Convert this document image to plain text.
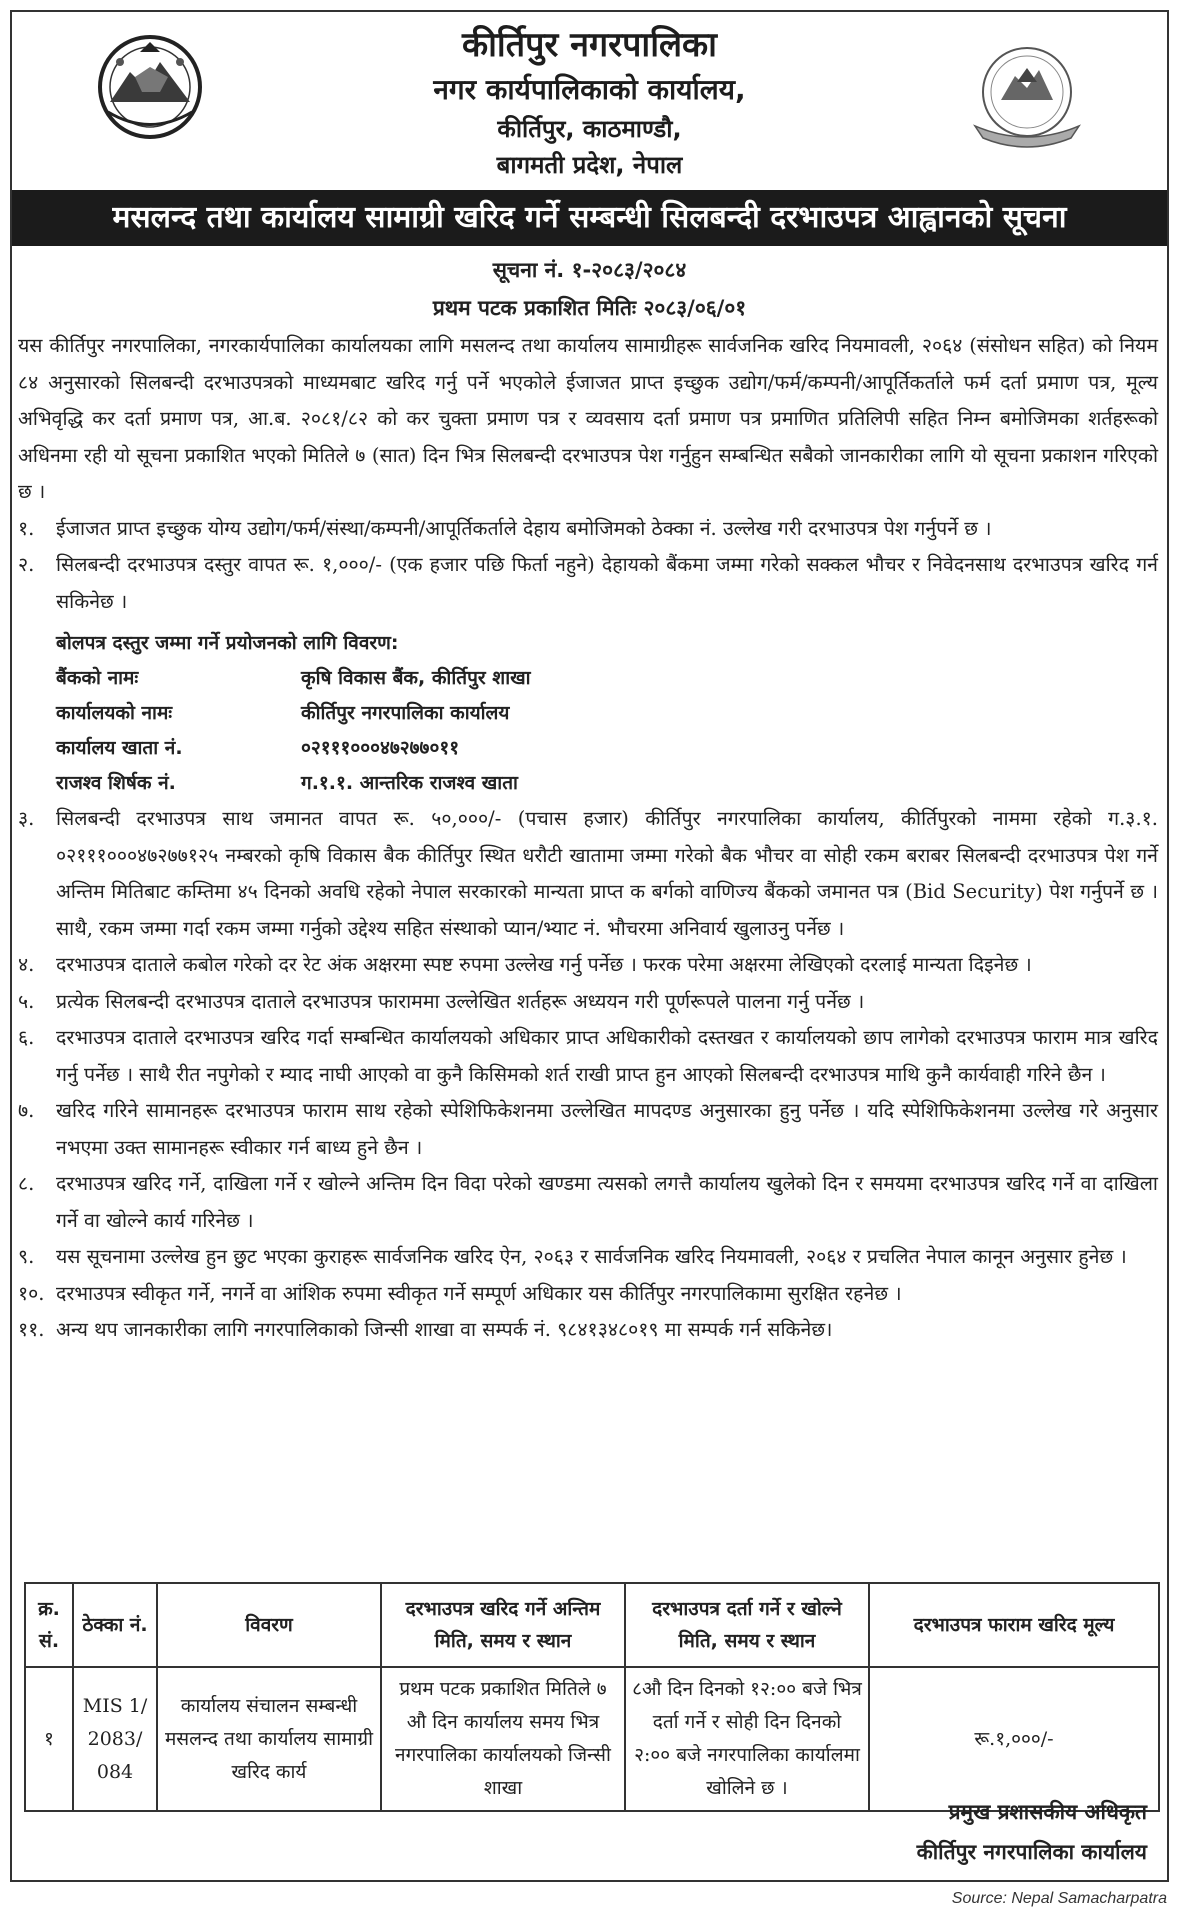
कीर्तिपुर नगरपालिका
नगर कार्यपालिकाको कार्यालय,
कीर्तिपुर, काठमाण्डौ,
बागमती प्रदेश, नेपाल
मसलन्द तथा कार्यालय सामाग्री खरिद गर्ने सम्बन्धी सिलबन्दी दरभाउपत्र आह्वानको सूचना
सूचना नं. १-२०८३/२०८४
प्रथम पटक प्रकाशित मितिः २०८३/०६/०१

यस कीर्तिपुर नगरपालिका, नगरकार्यपालिका कार्यालयका लागि मसलन्द तथा कार्यालय सामाग्रीहरू सार्वजनिक खरिद नियमावली, २०६४ (संसोधन सहित) को नियम ८४ अनुसारको सिलबन्दी दरभाउपत्रको माध्यमबाट खरिद गर्नु पर्ने भएकोले ईजाजत प्राप्त इच्छुक उद्योग/फर्म/कम्पनी/आपूर्तिकर्ताले फर्म दर्ता प्रमाण पत्र, मूल्य अभिवृद्धि कर दर्ता प्रमाण पत्र, आ.ब. २०८१/८२ को कर चुक्ता प्रमाण पत्र र व्यवसाय दर्ता प्रमाण पत्र प्रमाणित प्रतिलिपी सहित निम्न बमोजिमका शर्तहरूको अधिनमा रही यो सूचना प्रकाशित भएको मितिले ७ (सात) दिन भित्र सिलबन्दी दरभाउपत्र पेश गर्नुहुन सम्बन्धित सबैको जानकारीका लागि यो सूचना प्रकाशन गरिएको छ ।

१. ईजाजत प्राप्त इच्छुक योग्य उद्योग/फर्म/संस्था/कम्पनी/आपूर्तिकर्ताले देहाय बमोजिमको ठेक्का नं. उल्लेख गरी दरभाउपत्र पेश गर्नुपर्ने छ ।

२. सिलबन्दी दरभाउपत्र दस्तुर वापत रू. १,०००/- (एक हजार पछि फिर्ता नहुने) देहायको बैंकमा जम्मा गरेको सक्कल भौचर र निवेदनसाथ दरभाउपत्र खरिद गर्न सकिनेछ ।

बोलपत्र दस्तुर जम्मा गर्ने प्रयोजनको लागि विवरण:
बैंकको नामः	कृषि विकास बैंक, कीर्तिपुर शाखा
कार्यालयको नामः	कीर्तिपुर नगरपालिका कार्यालय
कार्यालय खाता नं.	०२१११०००४७२७७०११
राजश्व शिर्षक नं.	ग.१.१. आन्तरिक राजश्व खाता

३. सिलबन्दी दरभाउपत्र साथ जमानत वापत रू. ५०,०००/- (पचास हजार) कीर्तिपुर नगरपालिका कार्यालय, कीर्तिपुरको नाममा रहेको ग.३.१. ०२१११०००४७२७७१२५ नम्बरको कृषि विकास बैक कीर्तिपुर स्थित धरौटी खातामा जम्मा गरेको बैक भौचर वा सोही रकम बराबर सिलबन्दी दरभाउपत्र पेश गर्ने अन्तिम मितिबाट कम्तिमा ४५ दिनको अवधि रहेको नेपाल सरकारको मान्यता प्राप्त क बर्गको वाणिज्य बैंकको जमानत पत्र (Bid Security) पेश गर्नुपर्ने छ । साथै, रकम जम्मा गर्दा रकम जम्मा गर्नुको उद्देश्य सहित संस्थाको प्यान/भ्याट नं. भौचरमा अनिवार्य खुलाउनु पर्नेछ ।

४. दरभाउपत्र दाताले कबोल गरेको दर रेट अंक अक्षरमा स्पष्ट रुपमा उल्लेख गर्नु पर्नेछ । फरक परेमा अक्षरमा लेखिएको दरलाई मान्यता दिइनेछ ।

५. प्रत्येक सिलबन्दी दरभाउपत्र दाताले दरभाउपत्र फाराममा उल्लेखित शर्तहरू अध्ययन गरी पूर्णरूपले पालना गर्नु पर्नेछ ।

६. दरभाउपत्र दाताले दरभाउपत्र खरिद गर्दा सम्बन्धित कार्यालयको अधिकार प्राप्त अधिकारीको दस्तखत र कार्यालयको छाप लागेको दरभाउपत्र फाराम मात्र खरिद गर्नु पर्नेछ । साथै रीत नपुगेको र म्याद नाघी आएको वा कुनै किसिमको शर्त राखी प्राप्त हुन आएको सिलबन्दी दरभाउपत्र माथि कुनै कार्यवाही गरिने छैन ।

७. खरिद गरिने सामानहरू दरभाउपत्र फाराम साथ रहेको स्पेशिफिकेशनमा उल्लेखित मापदण्ड अनुसारका हुनु पर्नेछ । यदि स्पेशिफिकेशनमा उल्लेख गरे अनुसार नभएमा उक्त सामानहरू स्वीकार गर्न बाध्य हुने छैन ।

८. दरभाउपत्र खरिद गर्ने, दाखिला गर्ने र खोल्ने अन्तिम दिन विदा परेको खण्डमा त्यसको लगत्तै कार्यालय खुलेको दिन र समयमा दरभाउपत्र खरिद गर्ने वा दाखिला गर्ने वा खोल्ने कार्य गरिनेछ ।

९. यस सूचनामा उल्लेख हुन छुट भएका कुराहरू सार्वजनिक खरिद ऐन, २०६३ र सार्वजनिक खरिद नियमावली, २०६४ र प्रचलित नेपाल कानून अनुसार हुनेछ ।

१०. दरभाउपत्र स्वीकृत गर्ने, नगर्ने वा आंशिक रुपमा स्वीकृत गर्ने सम्पूर्ण अधिकार यस कीर्तिपुर नगरपालिकामा सुरक्षित रहनेछ ।

११. अन्य थप जानकारीका लागि नगरपालिकाको जिन्सी शाखा वा सम्पर्क नं. ९८४१३४८०१९ मा सम्पर्क गर्न सकिनेछ।

क्र. सं.	ठेक्का नं.	विवरण	दरभाउपत्र खरिद गर्ने अन्तिम मिति, समय र स्थान	दरभाउपत्र दर्ता गर्ने र खोल्ने मिति, समय र स्थान	दरभाउपत्र फाराम खरिद मूल्य
१	MIS 1/ 2083/ 084	कार्यालय संचालन सम्बन्धी मसलन्द तथा कार्यालय सामाग्री खरिद कार्य	प्रथम पटक प्रकाशित मितिले ७ औ दिन कार्यालय समय भित्र नगरपालिका कार्यालयको जिन्सी शाखा	८औ दिन दिनको १२:०० बजे भित्र दर्ता गर्ने र सोही दिन दिनको २:०० बजे नगरपालिका कार्यालमा खोलिने छ ।	रू.१,०००/-
प्रमुख प्रशासकीय अधिकृत
कीर्तिपुर नगरपालिका कार्यालय
Source: Nepal Samacharpatra
